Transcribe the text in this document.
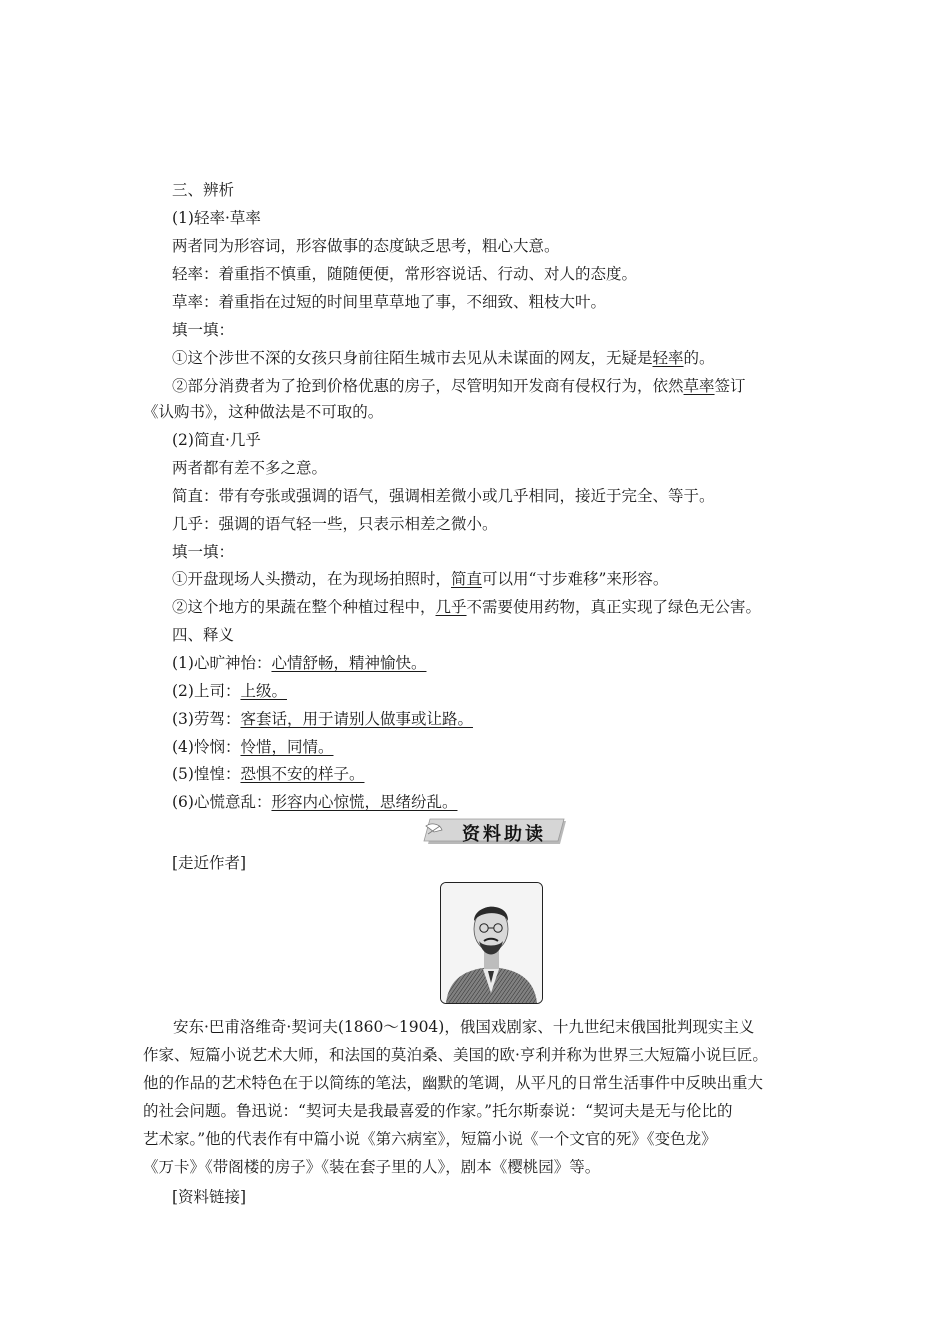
三、辨析
(1)轻率·草率
两者同为形容词，形容做事的态度缺乏思考，粗心大意。
轻率：着重指不慎重，随随便便，常形容说话、行动、对人的态度。
草率：着重指在过短的时间里草草地了事，不细致、粗枝大叶。
填一填：
①这个涉世不深的女孩只身前往陌生城市去见从未谋面的网友，无疑是轻率的。
②部分消费者为了抢到价格优惠的房子，尽管明知开发商有侵权行为，依然草率签订
《认购书》，这种做法是不可取的。
(2)简直·几乎
两者都有差不多之意。
简直：带有夸张或强调的语气，强调相差微小或几乎相同，接近于完全、等于。
几乎：强调的语气轻一些，只表示相差之微小。
填一填：
①开盘现场人头攒动，在为现场拍照时，简直可以用“寸步难移”来形容。
②这个地方的果蔬在整个种植过程中，几乎不需要使用药物，真正实现了绿色无公害。
四、释义
(1)心旷神怡：心情舒畅，精神愉快。
(2)上司：上级。
(3)劳驾：客套话，用于请别人做事或让路。
(4)怜悯：怜惜，同情。
(5)惶惶：恐惧不安的样子。
(6)心慌意乱：形容内心惊慌，思绪纷乱。
资料助读
[走近作者]
安东·巴甫洛维奇·契诃夫(1860～1904)，俄国戏剧家、十九世纪末俄国批判现实主义
作家、短篇小说艺术大师，和法国的莫泊桑、美国的欧·亨利并称为世界三大短篇小说巨匠。
他的作品的艺术特色在于以简练的笔法，幽默的笔调，从平凡的日常生活事件中反映出重大
的社会问题。鲁迅说：“契诃夫是我最喜爱的作家。”托尔斯泰说：“契诃夫是无与伦比的
艺术家。”他的代表作有中篇小说《第六病室》，短篇小说《一个文官的死》《变色龙》
《万卡》《带阁楼的房子》《装在套子里的人》，剧本《樱桃园》等。
[资料链接]
